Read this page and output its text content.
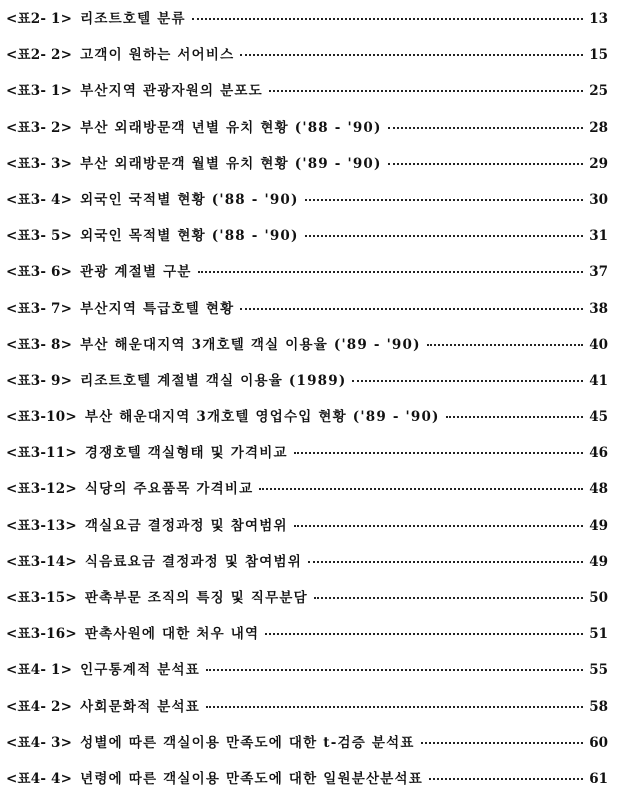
<표2- 1> 리조트호텔 분류	13
<표2- 2> 고객이 원하는 서어비스	15
<표3- 1> 부산지역 관광자원의 분포도	25
<표3- 2> 부산 외래방문객 년별 유치 현황 ('88 - '90)	28
<표3- 3> 부산 외래방문객 월별 유치 현황 ('89 - '90)	29
<표3- 4> 외국인 국적별 현황 ('88 - '90)	30
<표3- 5> 외국인 목적별 현황 ('88 - '90)	31
<표3- 6> 관광 계절별 구분	37
<표3- 7> 부산지역 특급호텔 현황	38
<표3- 8> 부산 해운대지역 3개호텔 객실 이용율 ('89 - '90)	40
<표3- 9> 리조트호텔 계절별 객실 이용율 (1989)	41
<표3-10> 부산 해운대지역 3개호텔 영업수입 현황 ('89 - '90)	45
<표3-11> 경쟁호텔 객실형태 및 가격비교	46
<표3-12> 식당의 주요품목 가격비교	48
<표3-13> 객실요금 결정과정 및 참여범위	49
<표3-14> 식음료요금 결정과정 및 참여범위	49
<표3-15> 판촉부문 조직의 특징 및 직무분담	50
<표3-16> 판촉사원에 대한 처우 내역	51
<표4- 1> 인구통계적 분석표	55
<표4- 2> 사회문화적 분석표	58
<표4- 3> 성별에 따른 객실이용 만족도에 대한 t-검증 분석표	60
<표4- 4> 년령에 따른 객실이용 만족도에 대한 일원분산분석표	61
